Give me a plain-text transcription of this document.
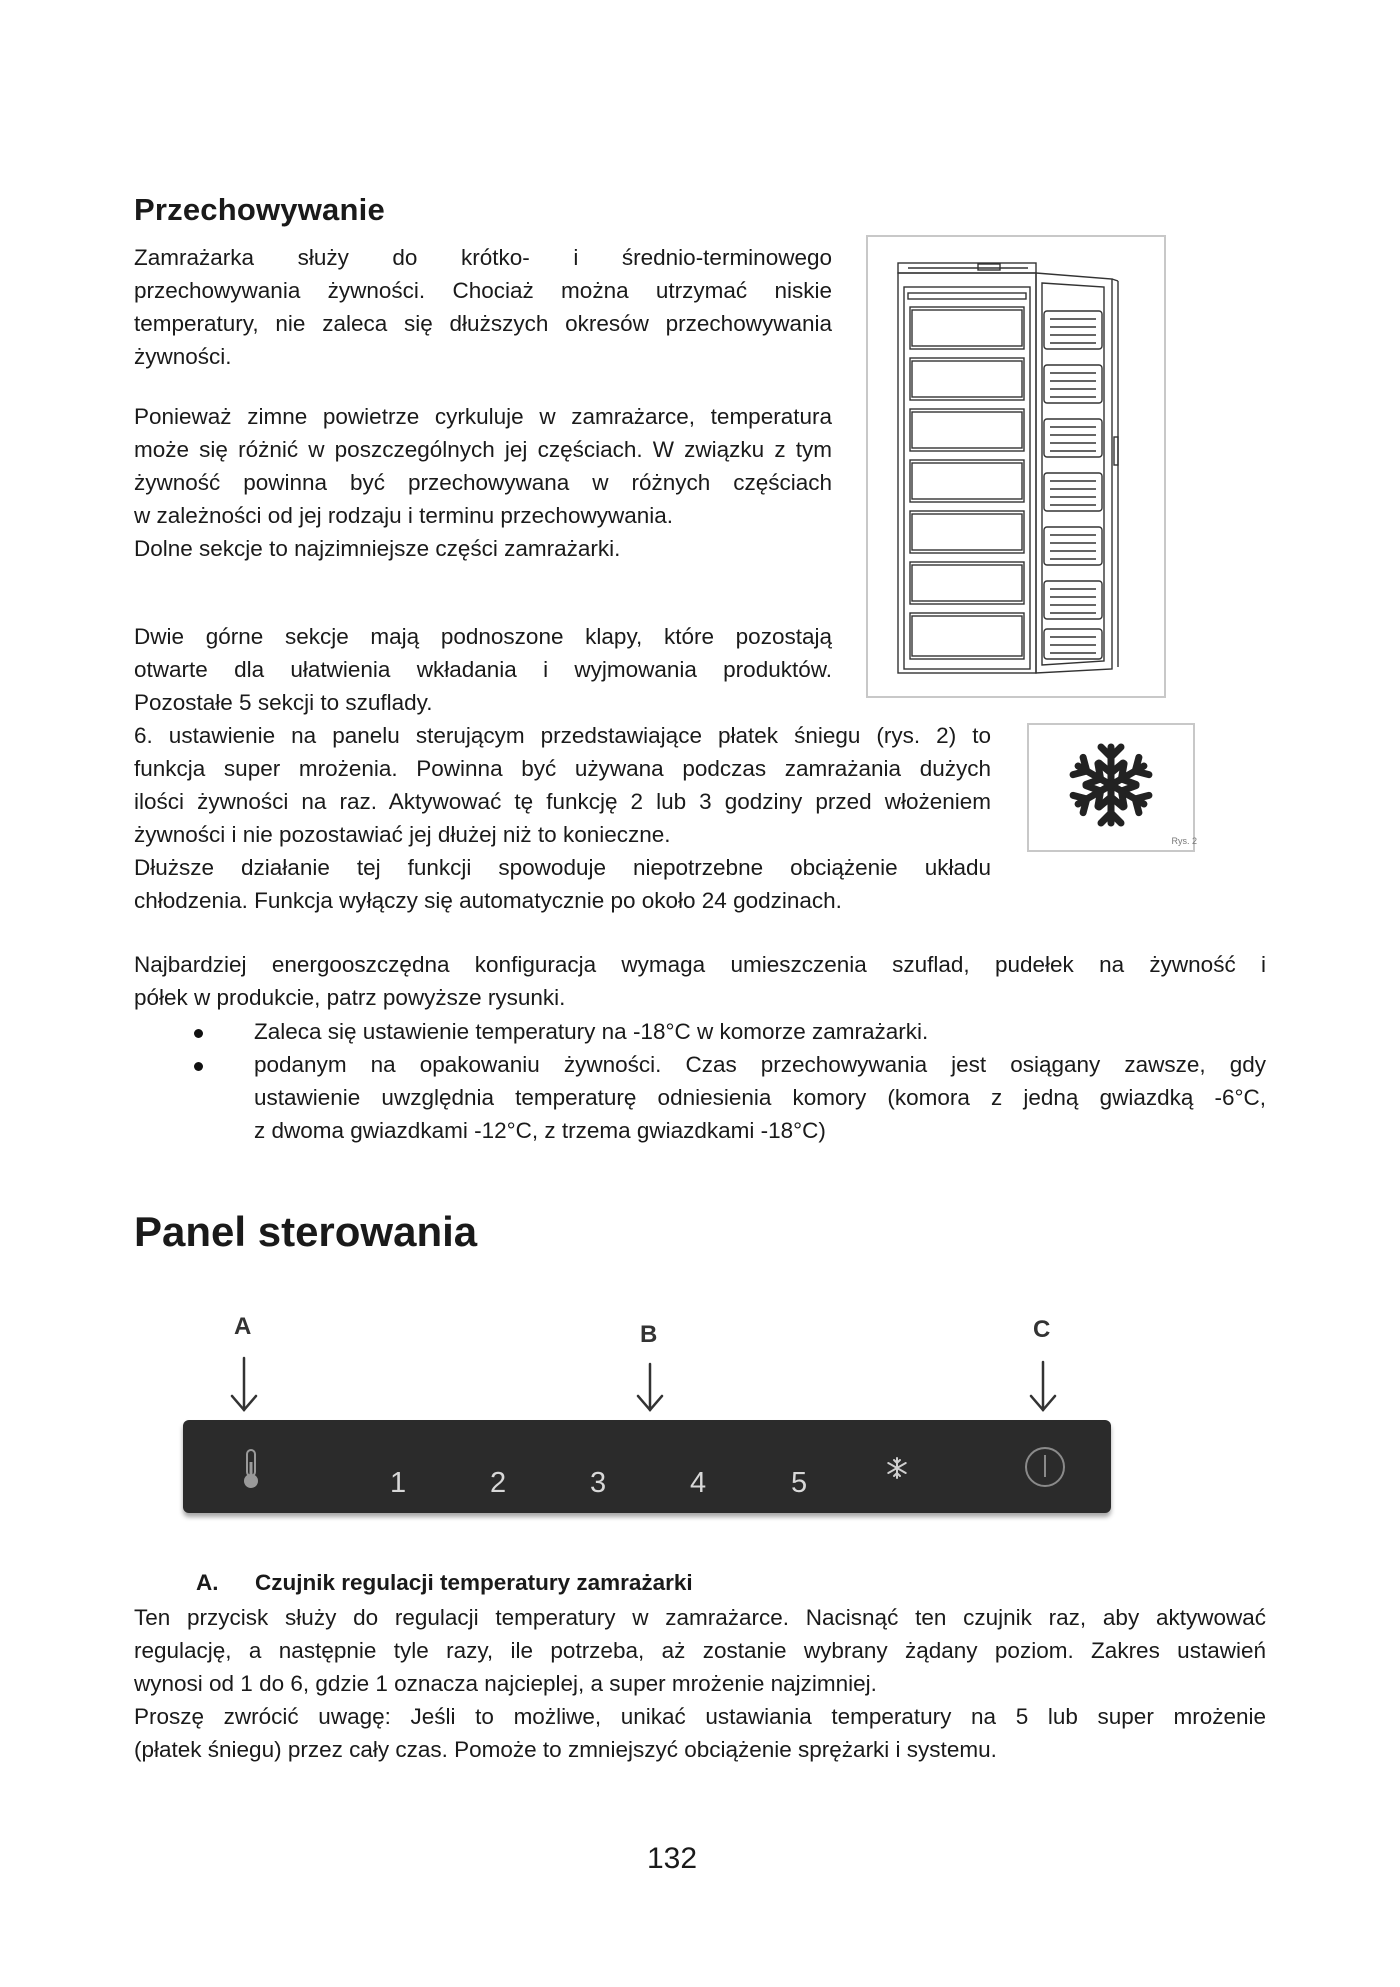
Przechowywanie
Zamrażarka służy do krótko- i średnio-terminowego
przechowywania żywności. Chociaż można utrzymać niskie
temperatury, nie zaleca się dłuższych okresów przechowywania
żywności.
Ponieważ zimne powietrze cyrkuluje w zamrażarce, temperatura
może się różnić w poszczególnych jej częściach. W związku z tym
żywność powinna być przechowywana w różnych częściach
w zależności od jej rodzaju i terminu przechowywania.
Dolne sekcje to najzimniejsze części zamrażarki.
Dwie górne sekcje mają podnoszone klapy, które pozostają
otwarte dla ułatwienia wkładania i wyjmowania produktów.
Pozostałe 5 sekcji to szuflady.
6. ustawienie na panelu sterującym przedstawiające płatek śniegu (rys. 2) to
funkcja super mrożenia. Powinna być używana podczas zamrażania dużych
ilości żywności na raz. Aktywować tę funkcję 2 lub 3 godziny przed włożeniem
żywności i nie pozostawiać jej dłużej niż to konieczne.
Dłuższe działanie tej funkcji spowoduje niepotrzebne obciążenie układu
chłodzenia. Funkcja wyłączy się automatycznie po około 24 godzinach.
Rys. 2
Najbardziej energooszczędna konfiguracja wymaga umieszczenia szuflad, pudełek na żywność i
półek w produkcie, patrz powyższe rysunki.
Zaleca się ustawienie temperatury na -18°C w komorze zamrażarki.
podanym na opakowaniu żywności. Czas przechowywania jest osiągany zawsze, gdy
ustawienie uwzględnia temperaturę odniesienia komory (komora z jedną gwiazdką -6°C,
z dwoma gwiazdkami -12°C, z trzema gwiazdkami -18°C)
Panel sterowania
A	B	C
1	2	3	4	5
A. Czujnik regulacji temperatury zamrażarki
Ten przycisk służy do regulacji temperatury w zamrażarce. Nacisnąć ten czujnik raz, aby aktywować
regulację, a następnie tyle razy, ile potrzeba, aż zostanie wybrany żądany poziom. Zakres ustawień
wynosi od 1 do 6, gdzie 1 oznacza najcieplej, a super mrożenie najzimniej.
Proszę zwrócić uwagę: Jeśli to możliwe, unikać ustawiania temperatury na 5 lub super mrożenie
(płatek śniegu) przez cały czas. Pomoże to zmniejszyć obciążenie sprężarki i systemu.
132
